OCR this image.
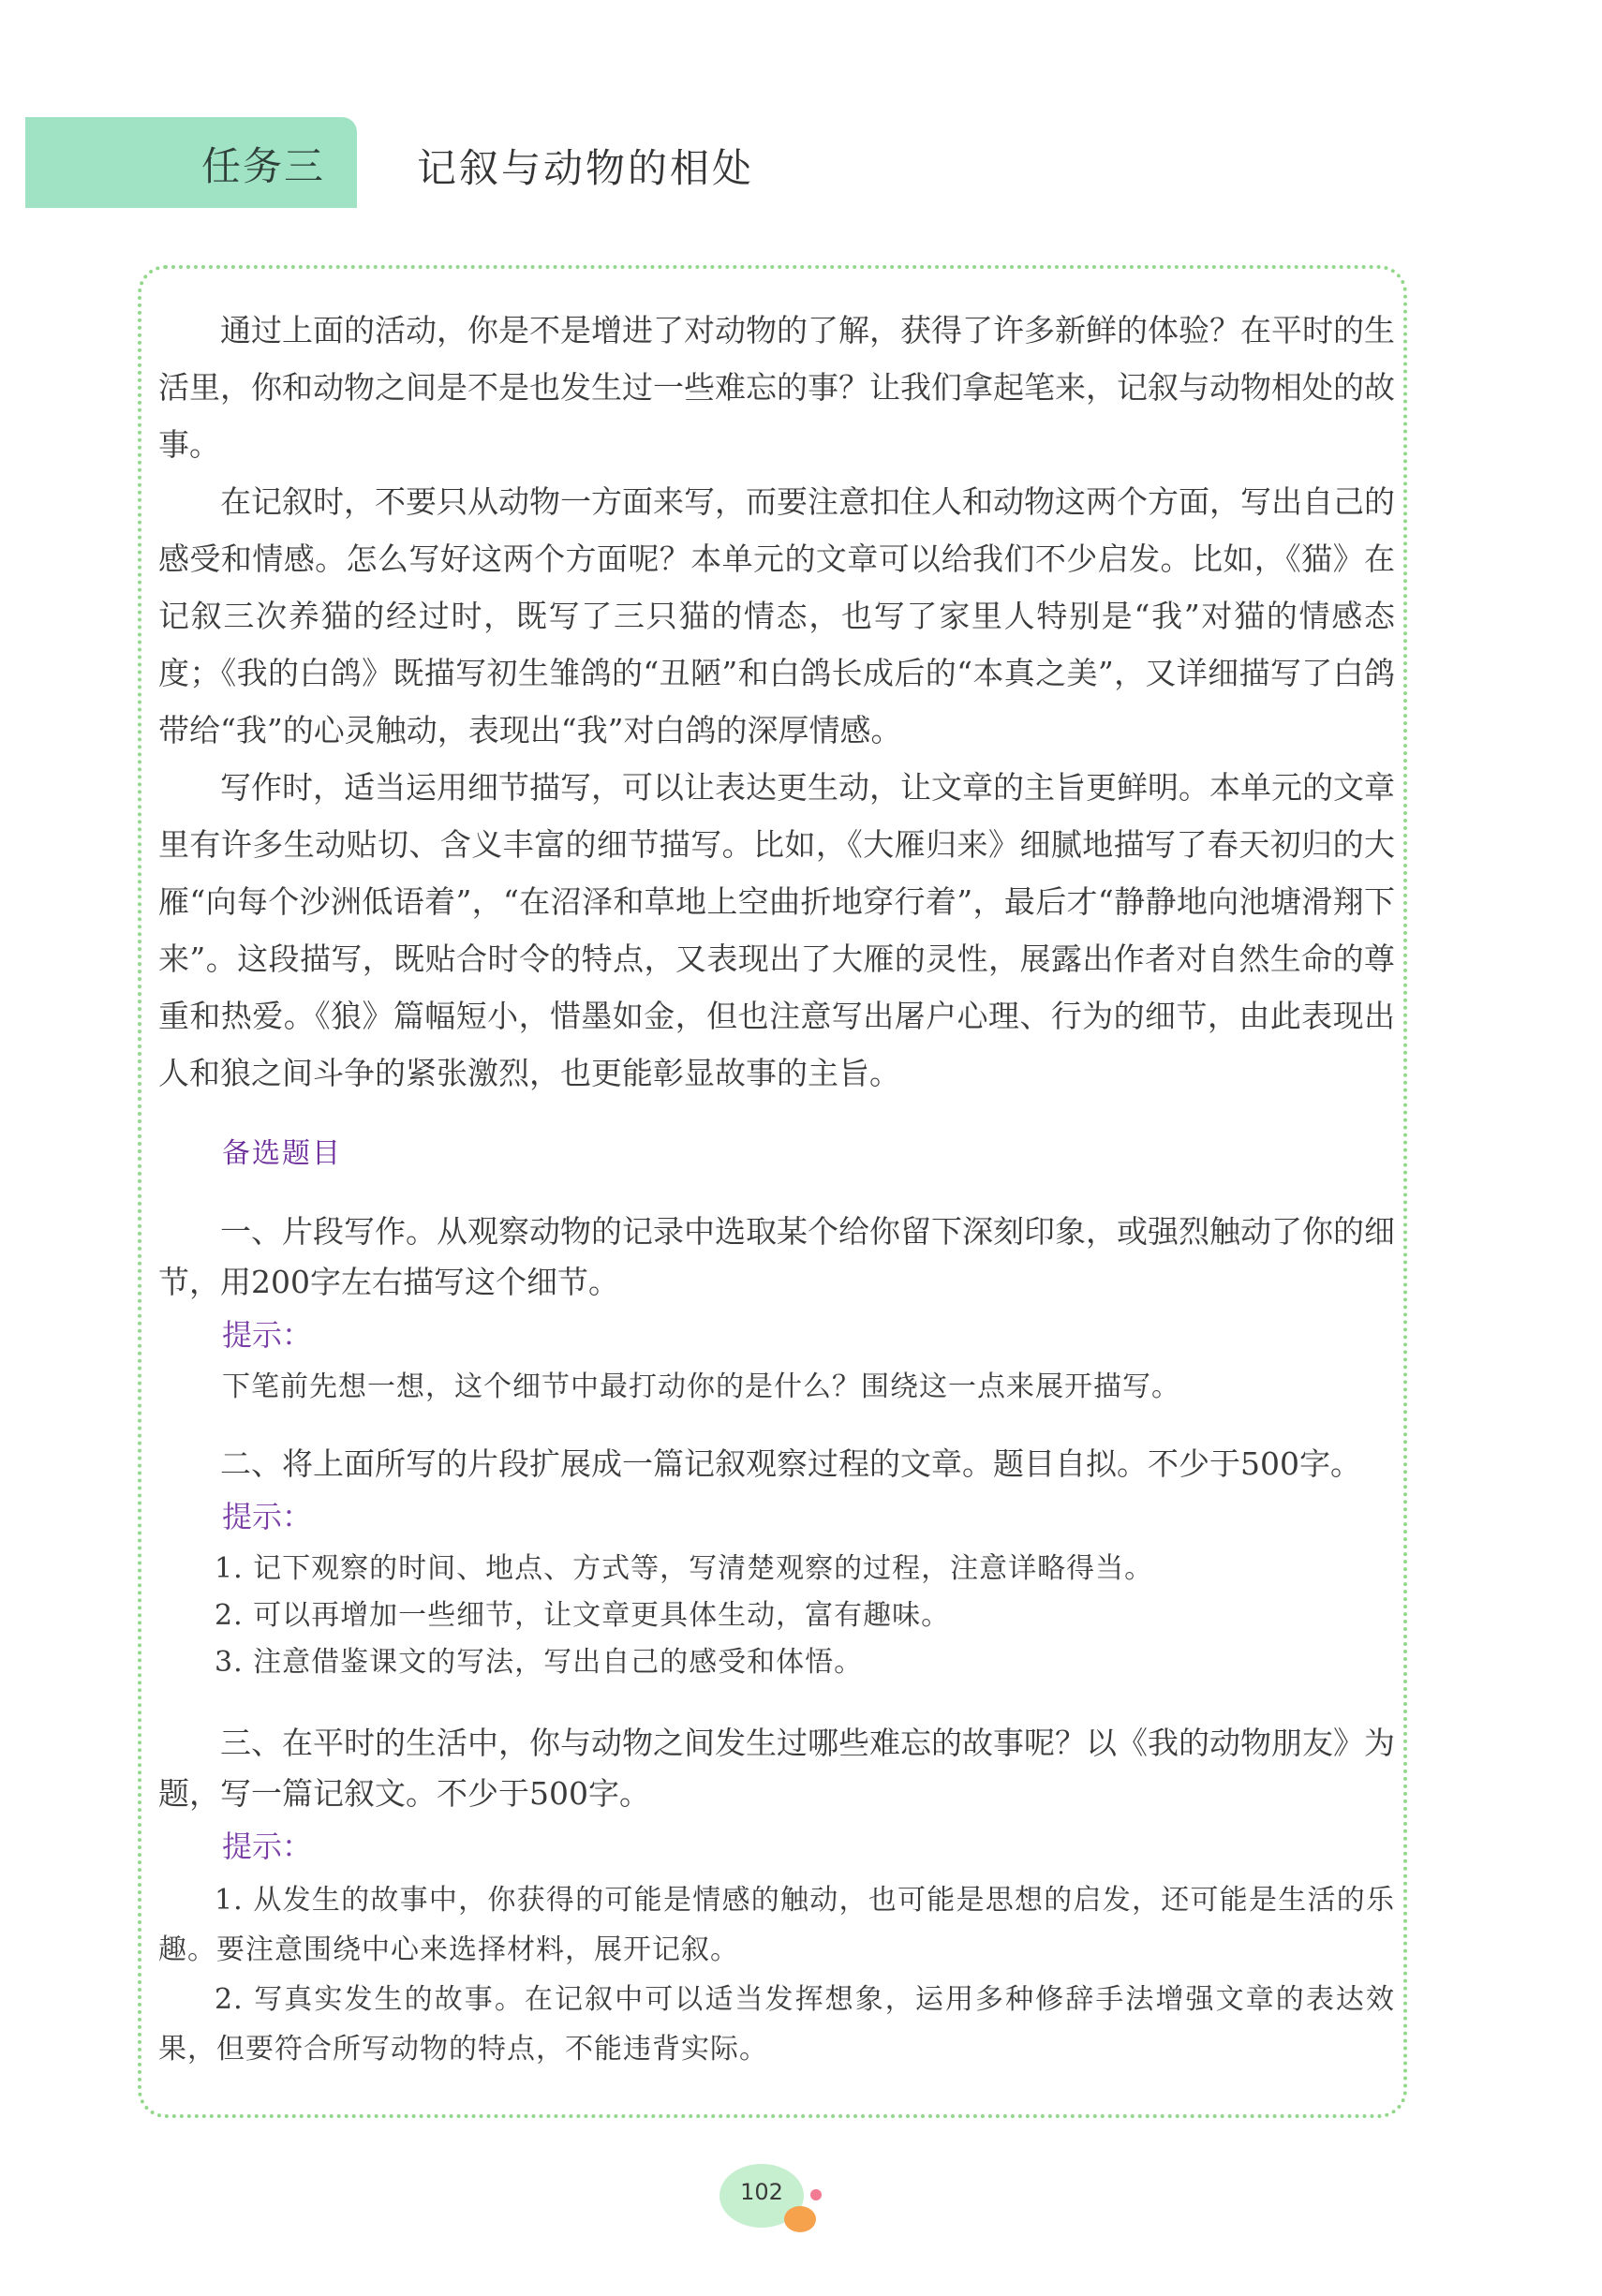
任务三 记叙与动物的相处

通过上面的活动，你是不是增进了对动物的了解，获得了许多新鲜的体验？在平时的生活里，你和动物之间是不是也发生过一些难忘的事？让我们拿起笔来，记叙与动物相处的故事。

在记叙时，不要只从动物一方面来写，而要注意扣住人和动物这两个方面，写出自己的感受和情感。怎么写好这两个方面呢？本单元的文章可以给我们不少启发。比如，《猫》在记叙三次养猫的经过时，既写了三只猫的情态，也写了家里人特别是“我”对猫的情感态度；《我的白鸽》既描写初生雏鸽的“丑陋”和白鸽长成后的“本真之美”，又详细描写了白鸽带给“我”的心灵触动，表现出“我”对白鸽的深厚情感。

写作时，适当运用细节描写，可以让表达更生动，让文章的主旨更鲜明。本单元的文章里有许多生动贴切、含义丰富的细节描写。比如，《大雁归来》细腻地描写了春天初归的大雁“向每个沙洲低语着”，“在沼泽和草地上空曲折地穿行着”，最后才“静静地向池塘滑翔下来”。这段描写，既贴合时令的特点，又表现出了大雁的灵性，展露出作者对自然生命的尊重和热爱。《狼》篇幅短小，惜墨如金，但也注意写出屠户心理、行为的细节，由此表现出人和狼之间斗争的紧张激烈，也更能彰显故事的主旨。

备选题目

一、片段写作。从观察动物的记录中选取某个给你留下深刻印象，或强烈触动了你的细节，用200字左右描写这个细节。

提示：
下笔前先想一想，这个细节中最打动你的是什么？围绕这一点来展开描写。

二、将上面所写的片段扩展成一篇记叙观察过程的文章。题目自拟。不少于500字。

提示：
1. 记下观察的时间、地点、方式等，写清楚观察的过程，注意详略得当。
2. 可以再增加一些细节，让文章更具体生动，富有趣味。
3. 注意借鉴课文的写法，写出自己的感受和体悟。

三、在平时的生活中，你与动物之间发生过哪些难忘的故事呢？以《我的动物朋友》为题，写一篇记叙文。不少于500字。

提示：
1. 从发生的故事中，你获得的可能是情感的触动，也可能是思想的启发，还可能是生活的乐趣。要注意围绕中心来选择材料，展开记叙。
2. 写真实发生的故事。在记叙中可以适当发挥想象，运用多种修辞手法增强文章的表达效果，但要符合所写动物的特点，不能违背实际。
102
